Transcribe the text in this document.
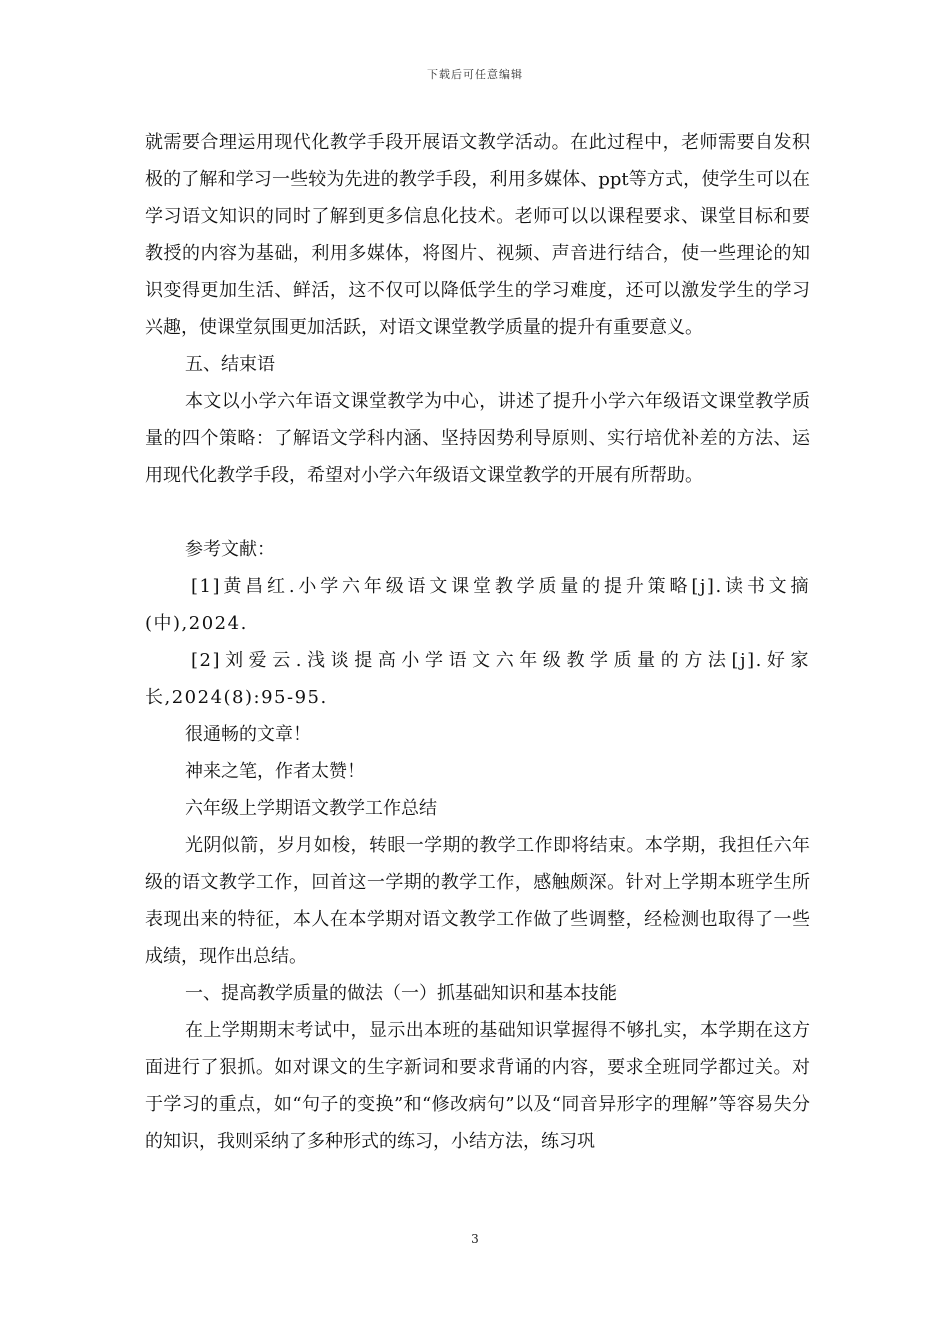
下载后可任意编辑

就需要合理运用现代化教学手段开展语文教学活动。在此过程中，老师需要自发积极的了解和学习一些较为先进的教学手段，利用多媒体、ppt等方式，使学生可以在学习语文知识的同时了解到更多信息化技术。老师可以以课程要求、课堂目标和要教授的内容为基础，利用多媒体，将图片、视频、声音进行结合，使一些理论的知识变得更加生活、鲜活，这不仅可以降低学生的学习难度，还可以激发学生的学习兴趣，使课堂氛围更加活跃，对语文课堂教学质量的提升有重要意义。

五、结束语

本文以小学六年语文课堂教学为中心，讲述了提升小学六年级语文课堂教学质量的四个策略：了解语文学科内涵、坚持因势利导原则、实行培优补差的方法、运用现代化教学手段，希望对小学六年级语文课堂教学的开展有所帮助。

参考文献：

[1]黄昌红.小学六年级语文课堂教学质量的提升策略[j].读书文摘(中),2024.

[2]刘爱云.浅谈提高小学语文六年级教学质量的方法[j].好家长,2024(8):95-95.

很通畅的文章！

神来之笔，作者太赞！

六年级上学期语文教学工作总结

光阴似箭，岁月如梭，转眼一学期的教学工作即将结束。本学期，我担任六年级的语文教学工作，回首这一学期的教学工作，感触颇深。针对上学期本班学生所表现出来的特征，本人在本学期对语文教学工作做了些调整，经检测也取得了一些成绩，现作出总结。

一、提高教学质量的做法（一）抓基础知识和基本技能

在上学期期末考试中，显示出本班的基础知识掌握得不够扎实，本学期在这方面进行了狠抓。如对课文的生字新词和要求背诵的内容，要求全班同学都过关。对于学习的重点，如“句子的变换”和“修改病句”以及“同音异形字的理解”等容易失分的知识，我则采纳了多种形式的练习，小结方法，练习巩

3
